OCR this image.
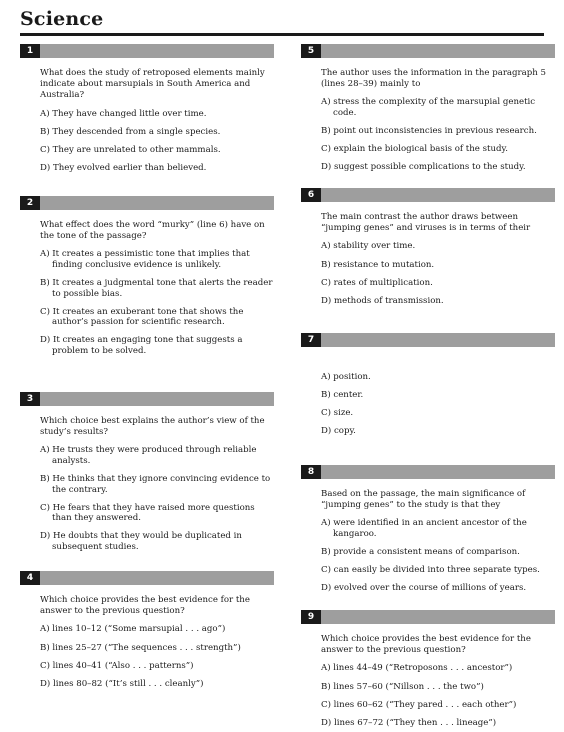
Science
1

What does the study of retroposed elements mainly indicate about marsupials in South America and Australia?

A) They have changed little over time.
B) They descended from a single species.
C) They are unrelated to other mammals.
D) They evolved earlier than believed.
2

What effect does the word “murky” (line 6) have on the tone of the passage?

A) It creates a pessimistic tone that implies that finding conclusive evidence is unlikely.
B) It creates a judgmental tone that alerts the reader to possible bias.
C) It creates an exuberant tone that shows the author’s passion for scientific research.
D) It creates an engaging tone that suggests a problem to be solved.
3

Which choice best explains the author’s view of the study’s results?

A) He trusts they were produced through reliable analysts.
B) He thinks that they ignore convincing evidence to the contrary.
C) He fears that they have raised more questions than they answered.
D) He doubts that they would be duplicated in subsequent studies.
4

Which choice provides the best evidence for the answer to the previous question?

A) lines 10–12 (“Some marsupial . . . ago”)
B) lines 25–27 (“The sequences . . . strength”)
C) lines 40–41 (“Also . . . patterns”)
D) lines 80–82 (“It’s still . . . cleanly”)
5

The author uses the information in the paragraph 5 (lines 28–39) mainly to

A) stress the complexity of the marsupial genetic code.
B) point out inconsistencies in previous research.
C) explain the biological basis of the study.
D) suggest possible complications to the study.
6

The main contrast the author draws between “jumping genes” and viruses is in terms of their

A) stability over time.
B) resistance to mutation.
C) rates of multiplication.
D) methods of transmission.
7
A) position.
B) center.
C) size.
D) copy.
8

Based on the passage, the main significance of “jumping genes” to the study is that they

A) were identified in an ancient ancestor of the kangaroo.
B) provide a consistent means of comparison.
C) can easily be divided into three separate types.
D) evolved over the course of millions of years.
9

Which choice provides the best evidence for the answer to the previous question?

A) lines 44–49 (“Retroposons . . . ancestor”)
B) lines 57–60 (“Nillson . . . the two”)
C) lines 60–62 (“They pared . . . each other”)
D) lines 67–72 (“They then . . . lineage”)
